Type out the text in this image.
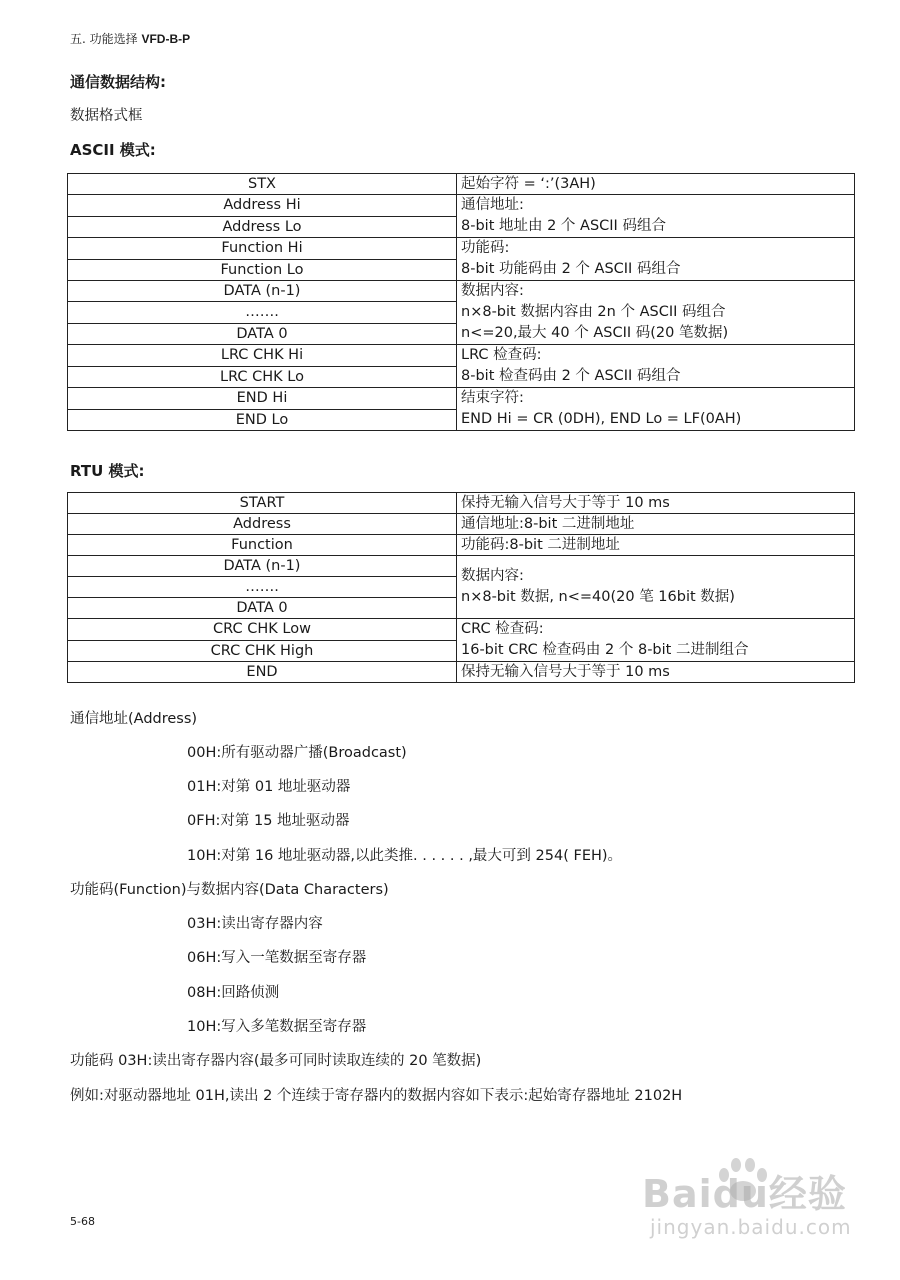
五. 功能选择 VFD-B-P
通信数据结构:
数据格式框
ASCII 模式:
STX	起始字符 = ‘:’(3AH)
Address Hi	通信地址:
8-bit 地址由 2 个 ASCII 码组合

Address Lo	
Function Hi	功能码:
8-bit 功能码由 2 个 ASCII 码组合

Function Lo	
DATA (n-1)	数据内容:
n×8-bit 数据内容由 2n 个 ASCII 码组合
n<=20,最大 40 个 ASCII 码(20 笔数据)

…….	
DATA 0	
LRC CHK Hi	LRC 检查码:
8-bit 检查码由 2 个 ASCII 码组合

LRC CHK Lo	
END Hi	结束字符:
END Hi = CR (0DH), END Lo = LF(0AH)

END Lo	
RTU 模式:
START	保持无输入信号大于等于 10 ms
Address	通信地址:8-bit 二进制地址
Function	功能码:8-bit 二进制地址
DATA (n-1)	数据内容:
n×8-bit 数据, n<=40(20 笔 16bit 数据)

…….	
DATA 0	
CRC CHK Low	CRC 检查码:
16-bit CRC 检查码由 2 个 8-bit 二进制组合

CRC CHK High	
END	保持无输入信号大于等于 10 ms
通信地址(Address)
00H:所有驱动器广播(Broadcast)
01H:对第 01 地址驱动器
0FH:对第 15 地址驱动器
10H:对第 16 地址驱动器,以此类推. . . . . . ,最大可到 254( FEH)。
功能码(Function)与数据内容(Data Characters)
03H:读出寄存器内容
06H:写入一笔数据至寄存器
08H:回路侦测
10H:写入多笔数据至寄存器
功能码 03H:读出寄存器内容(最多可同时读取连续的 20 笔数据)
例如:对驱动器地址 01H,读出 2 个连续于寄存器内的数据内容如下表示:起始寄存器地址 2102H
5-68
Baidu经验
jingyan.baidu.com
